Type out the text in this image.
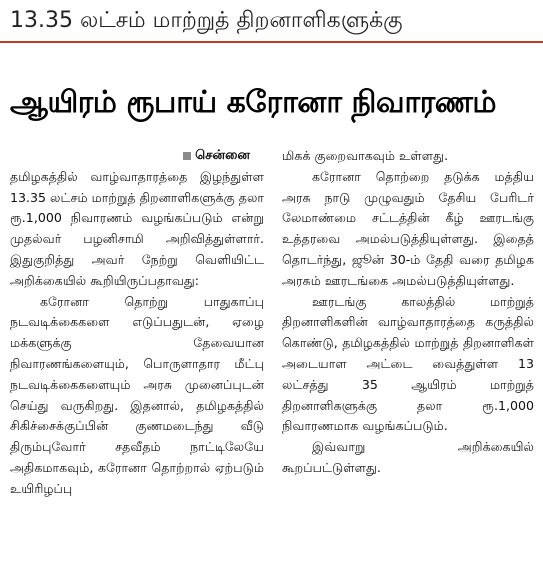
13.35 லட்சம் மாற்றுத் திறனாளிகளுக்கு
ஆயிரம் ரூபாய் கரோனா நிவாரணம்
சென்னை

தமிழகத்தில் வாழ்வாதாரத்தை இழந்துள்ள 13.35 லட்சம் மாற்றுத் திறனாளிகளுக்கு தலா ரூ.1,000 நிவாரணம் வழங்கப்படும் என்று முதல்வர் பழனிசாமி அறிவித்துள்ளார். இதுகுறித்து அவர் நேற்று வெளியிட்ட அறிக்கையில் கூறியிருப்பதாவது:

கரோனா தொற்று பாதுகாப்பு நடவடிக்கைகளை எடுப்பதுடன், ஏழை மக்களுக்கு தேவையான நிவாரணங்களையும், பொருளாதார மீட்பு நடவடிக்கைகளையும் அரசு முனைப்புடன் செய்து வருகிறது. இதனால், தமிழகத்தில் சிகிச்சைக்குப்பின் குணமடைந்து வீடு திரும்புவோர் சதவீதம் நாட்டிலேயே அதிகமாகவும், கரோனா தொற்றால் ஏற்படும் உயிரிழப்பு

மிகக் குறைவாகவும் உள்ளது.

கரோனா தொற்றை தடுக்க மத்திய அரசு நாடு முழுவதும் தேசிய பேரிடர் லேமாண்மை சட்டத்தின் கீழ் ஊரடங்கு உத்தரவை அமல்படுத்தியுள்ளது. இதைத் தொடர்ந்து, ஜூன் 30-ம் தேதி வரை தமிழக அரசும் ஊரடங்கை அமல்படுத்தியுள்ளது.

ஊரடங்கு காலத்தில் மாற்றுத் திறனாளிகளின் வாழ்வாதாரத்தை கருத்தில் கொண்டு, தமிழகத்தில் மாற்றுத் திறனாளிகள் அடையாள அட்டை வைத்துள்ள 13 லட்சத்து 35 ஆயிரம் மாற்றுத் திறனாளிகளுக்கு தலா ரூ.1,000 நிவாரணமாக வழங்கப்படும்.

இவ்வாறு அறிக்கையில் கூறப்பட்டுள்ளது.
